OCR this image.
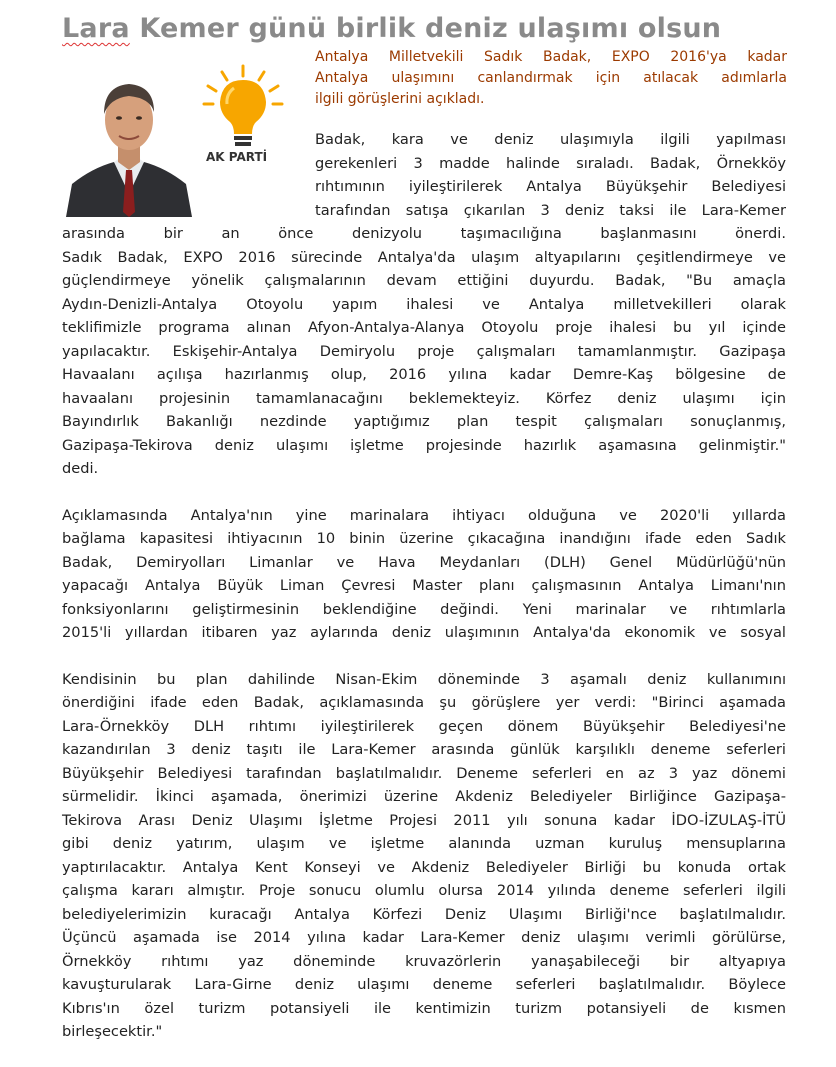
Lara Kemer günü birlik deniz ulaşımı olsun
AK PARTİ
Antalya Milletvekili Sadık Badak, EXPO 2016'ya kadar
Antalya ulaşımını canlandırmak için atılacak adımlarla
ilgili görüşlerini açıkladı.

Badak, kara ve deniz ulaşımıyla ilgili yapılması
gerekenleri 3 madde halinde sıraladı. Badak, Örnekköy
rıhtımının iyileştirilerek Antalya Büyükşehir Belediyesi
tarafından satışa çıkarılan 3 deniz taksi ile Lara-Kemer
arasında bir an önce denizyolu taşımacılığına başlanmasını önerdi.
Sadık Badak, EXPO 2016 sürecinde Antalya'da ulaşım altyapılarını çeşitlendirmeye ve
güçlendirmeye yönelik çalışmalarının devam ettiğini duyurdu. Badak, "Bu amaçla
Aydın-Denizli-Antalya Otoyolu yapım ihalesi ve Antalya milletvekilleri olarak
teklifimizle programa alınan Afyon-Antalya-Alanya Otoyolu proje ihalesi bu yıl içinde
yapılacaktır. Eskişehir-Antalya Demiryolu proje çalışmaları tamamlanmıştır. Gazipaşa
Havaalanı açılışa hazırlanmış olup, 2016 yılına kadar Demre-Kaş bölgesine de
havaalanı projesinin tamamlanacağını beklemekteyiz. Körfez deniz ulaşımı için
Bayındırlık Bakanlığı nezdinde yaptığımız plan tespit çalışmaları sonuçlanmış,
Gazipaşa-Tekirova deniz ulaşımı işletme projesinde hazırlık aşamasına gelinmiştir."
dedi.

Açıklamasında Antalya'nın yine marinalara ihtiyacı olduğuna ve 2020'li yıllarda
bağlama kapasitesi ihtiyacının 10 binin üzerine çıkacağına inandığını ifade eden Sadık
Badak, Demiryolları Limanlar ve Hava Meydanları (DLH) Genel Müdürlüğü'nün
yapacağı Antalya Büyük Liman Çevresi Master planı çalışmasının Antalya Limanı'nın
fonksiyonlarını geliştirmesinin beklendiğine değindi. Yeni marinalar ve rıhtımlarla
2015'li yıllardan itibaren yaz aylarında deniz ulaşımının Antalya'da ekonomik ve sosyal

Kendisinin bu plan dahilinde Nisan-Ekim döneminde 3 aşamalı deniz kullanımını
önerdiğini ifade eden Badak, açıklamasında şu görüşlere yer verdi: "Birinci aşamada
Lara-Örnekköy DLH rıhtımı iyileştirilerek geçen dönem Büyükşehir Belediyesi'ne
kazandırılan 3 deniz taşıtı ile Lara-Kemer arasında günlük karşılıklı deneme seferleri
Büyükşehir Belediyesi tarafından başlatılmalıdır. Deneme seferleri en az 3 yaz dönemi
sürmelidir. İkinci aşamada, önerimizi üzerine Akdeniz Belediyeler Birliğince Gazipaşa-
Tekirova Arası Deniz Ulaşımı İşletme Projesi 2011 yılı sonuna kadar İDO-İZULAŞ-İTÜ
gibi deniz yatırım, ulaşım ve işletme alanında uzman kuruluş mensuplarına
yaptırılacaktır. Antalya Kent Konseyi ve Akdeniz Belediyeler Birliği bu konuda ortak
çalışma kararı almıştır. Proje sonucu olumlu olursa 2014 yılında deneme seferleri ilgili
belediyelerimizin kuracağı Antalya Körfezi Deniz Ulaşımı Birliği'nce başlatılmalıdır.
Üçüncü aşamada ise 2014 yılına kadar Lara-Kemer deniz ulaşımı verimli görülürse,
Örnekköy rıhtımı yaz döneminde kruvazörlerin yanaşabileceği bir altyapıya
kavuşturularak Lara-Girne deniz ulaşımı deneme seferleri başlatılmalıdır. Böylece
Kıbrıs'ın özel turizm potansiyeli ile kentimizin turizm potansiyeli de kısmen
birleşecektir."
